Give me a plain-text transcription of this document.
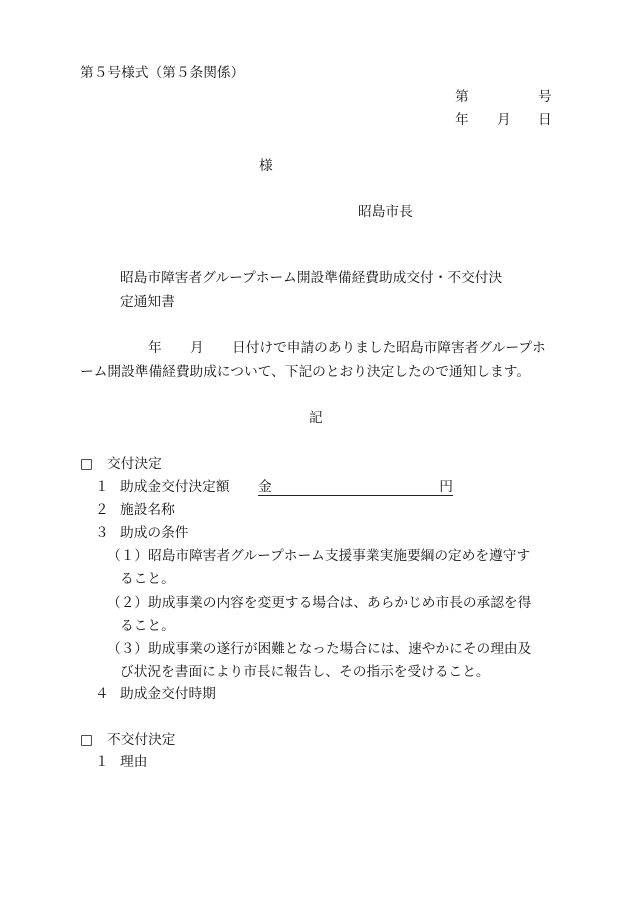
第５号様式（第５条関係）
第	号
年 月 日
様
昭島市長
昭島市障害者グループホーム開設準備経費助成交付・不交付決
定通知書
年 月 日付けで申請のありました昭島市障害者グループホ
ーム開設準備経費助成について、下記のとおり決定したので通知します。
記
□ 交付決定
１ 助成金交付決定額 金	円
２ 施設名称
３ 助成の条件
（１） 昭島市障害者グループホーム支援事業実施要綱の定めを遵守す
ること。
（２） 助成事業の内容を変更する場合は、あらかじめ市長の承認を得
ること。
（３） 助成事業の遂行が困難となった場合には、速やかにその理由及
び状況を書面により市長に報告し、その指示を受けること。
４ 助成金交付時期
□ 不交付決定
１ 理由
